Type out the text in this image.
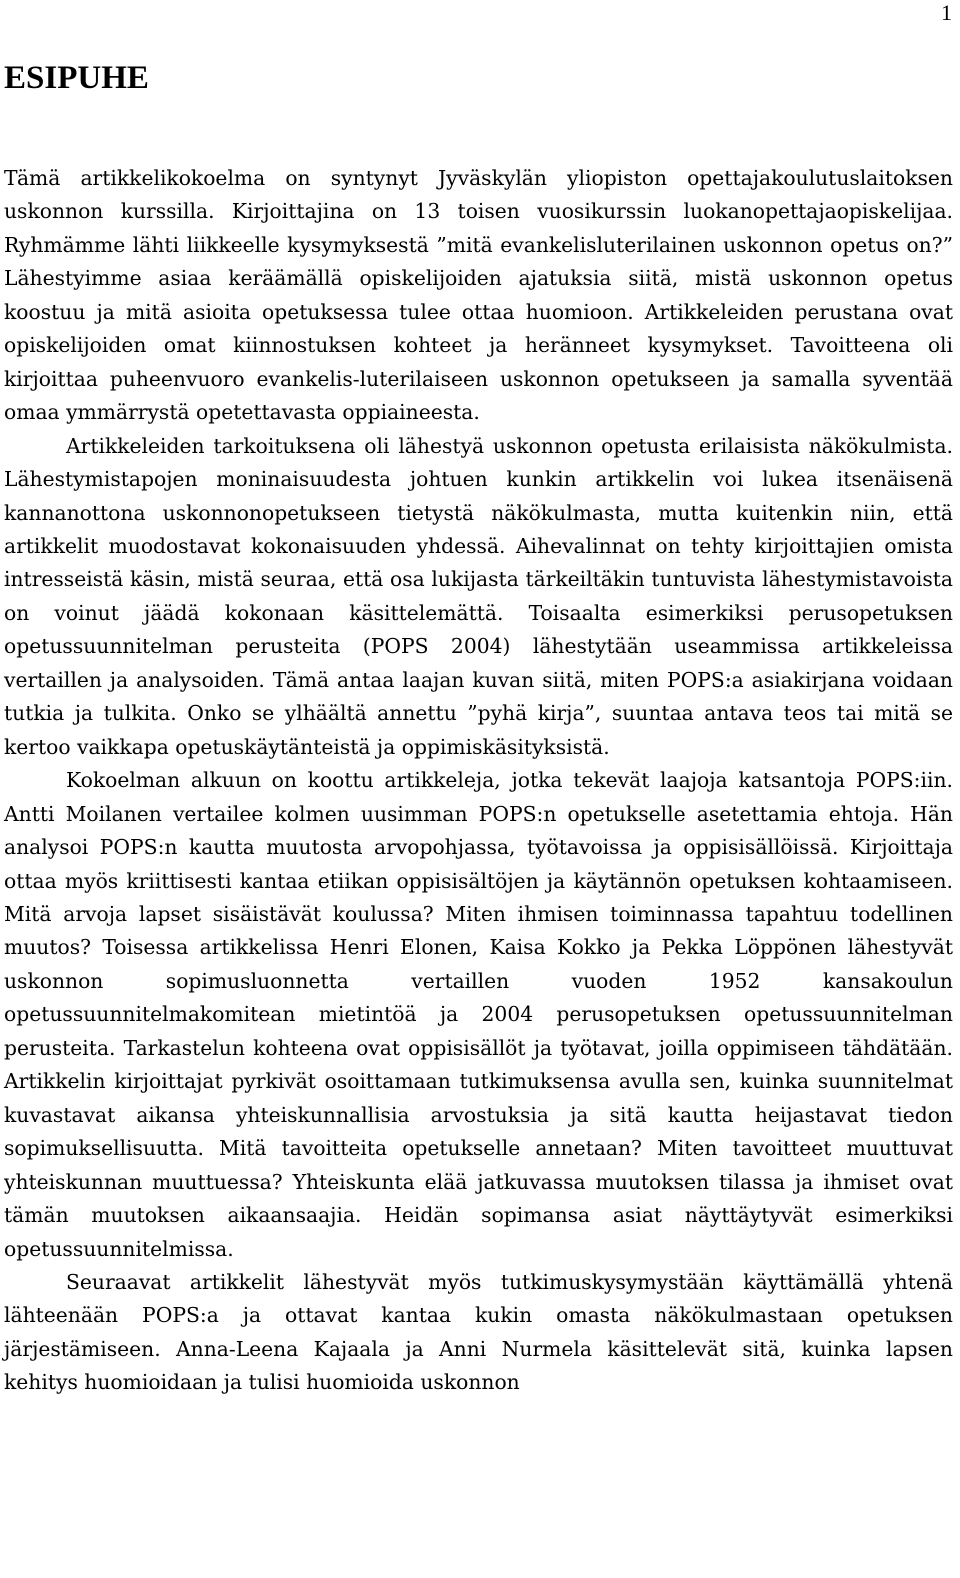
1
ESIPUHE

Tämä artikkelikokoelma on syntynyt Jyväskylän yliopiston opettajakoulutuslaitoksen uskonnon kurssilla. Kirjoittajina on 13 toisen vuosikurssin luokanopettajaopiskelijaa. Ryhmämme lähti liikkeelle kysymyksestä ”mitä evankelisluterilainen uskonnon opetus on?” Lähestyimme asiaa keräämällä opiskelijoiden ajatuksia siitä, mistä uskonnon opetus koostuu ja mitä asioita opetuksessa tulee ottaa huomioon. Artikkeleiden perustana ovat opiskelijoiden omat kiinnostuksen kohteet ja heränneet kysymykset. Tavoitteena oli kirjoittaa puheenvuoro evankelis-luterilaiseen uskonnon opetukseen ja samalla syventää omaa ymmärrystä opetettavasta oppiaineesta.

Artikkeleiden tarkoituksena oli lähestyä uskonnon opetusta erilaisista näkökulmista. Lähestymistapojen moninaisuudesta johtuen kunkin artikkelin voi lukea itsenäisenä kannanottona uskonnonopetukseen tietystä näkökulmasta, mutta kuitenkin niin, että artikkelit muodostavat kokonaisuuden yhdessä. Aihevalinnat on tehty kirjoittajien omista intresseistä käsin, mistä seuraa, että osa lukijasta tärkeiltäkin tuntuvista lähestymistavoista on voinut jäädä kokonaan käsittelemättä. Toisaalta esimerkiksi perusopetuksen opetussuunnitelman perusteita (POPS 2004) lähestytään useammissa artikkeleissa vertaillen ja analysoiden. Tämä antaa laajan kuvan siitä, miten POPS:a asiakirjana voidaan tutkia ja tulkita. Onko se ylhäältä annettu ”pyhä kirja”, suuntaa antava teos tai mitä se kertoo vaikkapa opetuskäytänteistä ja oppimiskäsityksistä.

Kokoelman alkuun on koottu artikkeleja, jotka tekevät laajoja katsantoja POPS:iin. Antti Moilanen vertailee kolmen uusimman POPS:n opetukselle asetettamia ehtoja. Hän analysoi POPS:n kautta muutosta arvopohjassa, työtavoissa ja oppisisällöissä. Kirjoittaja ottaa myös kriittisesti kantaa etiikan oppisisältöjen ja käytännön opetuksen kohtaamiseen. Mitä arvoja lapset sisäistävät koulussa? Miten ihmisen toiminnassa tapahtuu todellinen muutos? Toisessa artikkelissa Henri Elonen, Kaisa Kokko ja Pekka Löppönen lähestyvät uskonnon sopimusluonnetta vertaillen vuoden 1952 kansakoulun opetussuunnitelmakomitean mietintöä ja 2004 perusopetuksen opetussuunnitelman perusteita. Tarkastelun kohteena ovat oppisisällöt ja työtavat, joilla oppimiseen tähdätään. Artikkelin kirjoittajat pyrkivät osoittamaan tutkimuksensa avulla sen, kuinka suunnitelmat kuvastavat aikansa yhteiskunnallisia arvostuksia ja sitä kautta heijastavat tiedon sopimuksellisuutta. Mitä tavoitteita opetukselle annetaan? Miten tavoitteet muuttuvat yhteiskunnan muuttuessa? Yhteiskunta elää jatkuvassa muutoksen tilassa ja ihmiset ovat tämän muutoksen aikaansaajia. Heidän sopimansa asiat näyttäytyvät esimerkiksi opetussuunnitelmissa.

Seuraavat artikkelit lähestyvät myös tutkimuskysymystään käyttämällä yhtenä lähteenään POPS:a ja ottavat kantaa kukin omasta näkökulmastaan opetuksen järjestämiseen. Anna-Leena Kajaala ja Anni Nurmela käsittelevät sitä, kuinka lapsen kehitys huomioidaan ja tulisi huomioida uskonnon
